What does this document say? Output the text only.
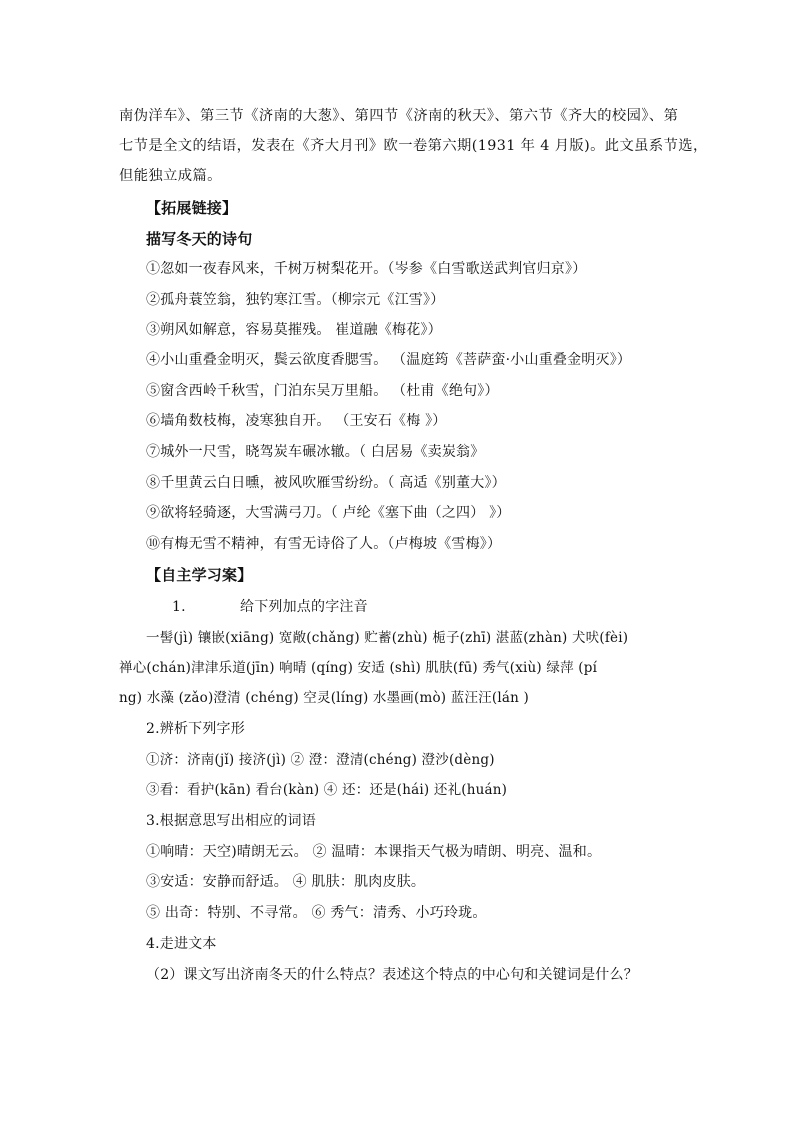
南伪洋车》、第三节《济南的大葱》、第四节《济南的秋天》、第六节《齐大的校园》、第
七节是全文的结语，发表在《齐大月刊》欧一卷第六期(1931 年 4 月版)。此文虽系节选，
但能独立成篇。
【拓展链接】
描写冬天的诗句
①忽如一夜春风来，千树万树梨花开。（岑参《白雪歌送武判官归京》）
②孤舟蓑笠翁，独钓寒江雪。（柳宗元《江雪》）
③朔风如解意，容易莫摧残。 崔道融《梅花》）
④小山重叠金明灭，鬓云欲度香腮雪。 （温庭筠《菩萨蛮·小山重叠金明灭》）
⑤窗含西岭千秋雪，门泊东吴万里船。 （杜甫《绝句》）
⑥墙角数枝梅，凌寒独自开。 （王安石《梅 》）
⑦城外一尺雪，晓驾炭车碾冰辙。（ 白居易《卖炭翁》
⑧千里黄云白日曛，被风吹雁雪纷纷。（ 高适《别董大》）
⑨欲将轻骑逐，大雪满弓刀。（ 卢纶《塞下曲（之四） 》）
⑩有梅无雪不精神，有雪无诗俗了人。（卢梅坡《雪梅》）
【自主学习案】
1.	给下列加点的字注音
一髻(jì) 镶嵌(xiāng) 宽敞(chǎng) 贮蓄(zhù) 栀子(zhī) 湛蓝(zhàn) 犬吠(fèi)
禅心(chán)津津乐道(jīn) 响晴 (qíng) 安适 (shì) 肌肤(fū) 秀气(xiù) 绿萍 (pí
ng) 水藻 (zǎo)澄清 (chéng) 空灵(líng) 水墨画(mò) 蓝汪汪(lán )
2.辨析下列字形
①济：济南(jǐ) 接济(jì) ② 澄：澄清(chéng) 澄沙(dèng)
③看：看护(kān) 看台(kàn) ④ 还：还是(hái) 还礼(huán)
3.根据意思写出相应的词语
①响晴：天空)晴朗无云。 ② 温晴：本课指天气极为晴朗、明亮、温和。
③安适：安静而舒适。 ④ 肌肤：肌肉皮肤。
⑤ 出奇：特别、不寻常。 ⑥ 秀气：清秀、小巧玲珑。
4.走进文本
（2）课文写出济南冬天的什么特点？表述这个特点的中心句和关键词是什么？
